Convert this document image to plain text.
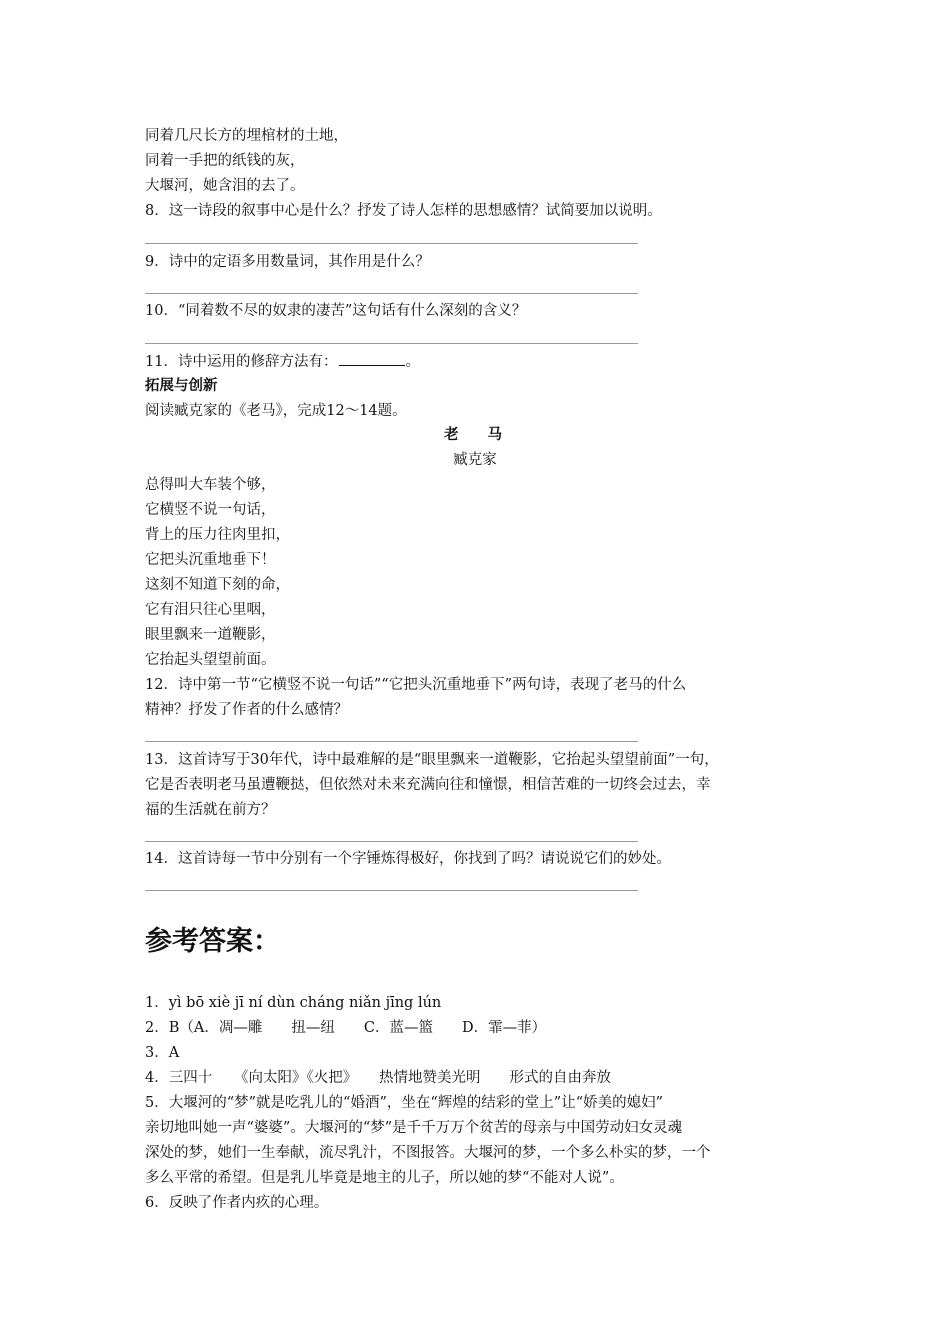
同着几尺长方的埋棺材的土地，
同着一手把的纸钱的灰，
大堰河，她含泪的去了。
8．这一诗段的叙事中心是什么？抒发了诗人怎样的思想感情？试简要加以说明。
9．诗中的定语多用数量词，其作用是什么？
10．“同着数不尽的奴隶的凄苦”这句话有什么深刻的含义？
11．诗中运用的修辞方法有：	。
拓展与创新
阅读臧克家的《老马》，完成12～14题。
老　　马
臧克家
总得叫大车装个够，
它横竖不说一句话，
背上的压力往肉里扣，
它把头沉重地垂下！
这刻不知道下刻的命，
它有泪只往心里咽，
眼里飘来一道鞭影，
它抬起头望望前面。
12．诗中第一节“它横竖不说一句话”“它把头沉重地垂下”两句诗，表现了老马的什么
精神？抒发了作者的什么感情？
13．这首诗写于30年代，诗中最难解的是“眼里飘来一道鞭影，它抬起头望望前面”一句，
它是否表明老马虽遭鞭挞，但依然对未来充满向往和憧憬，相信苦难的一切终会过去，幸
福的生活就在前方？
14．这首诗每一节中分别有一个字锤炼得极好，你找到了吗？请说说它们的妙处。
参考答案：
1．yì bō xiè jī ní dùn cháng niǎn jīng lún
2．B（A．凋—雕　　扭—纽　　C．蓝—篮　　D．霏—菲）
3．A
4．三四十　　《向太阳》《火把》　　热情地赞美光明　　形式的自由奔放
5．大堰河的“梦”就是吃乳儿的“婚酒”，坐在“辉煌的结彩的堂上”让“娇美的媳妇”
亲切地叫她一声“婆婆”。大堰河的“梦”是千千万万个贫苦的母亲与中国劳动妇女灵魂
深处的梦，她们一生奉献，流尽乳汁，不图报答。大堰河的梦，一个多么朴实的梦，一个
多么平常的希望。但是乳儿毕竟是地主的儿子，所以她的梦“不能对人说”。
6．反映了作者内疚的心理。
